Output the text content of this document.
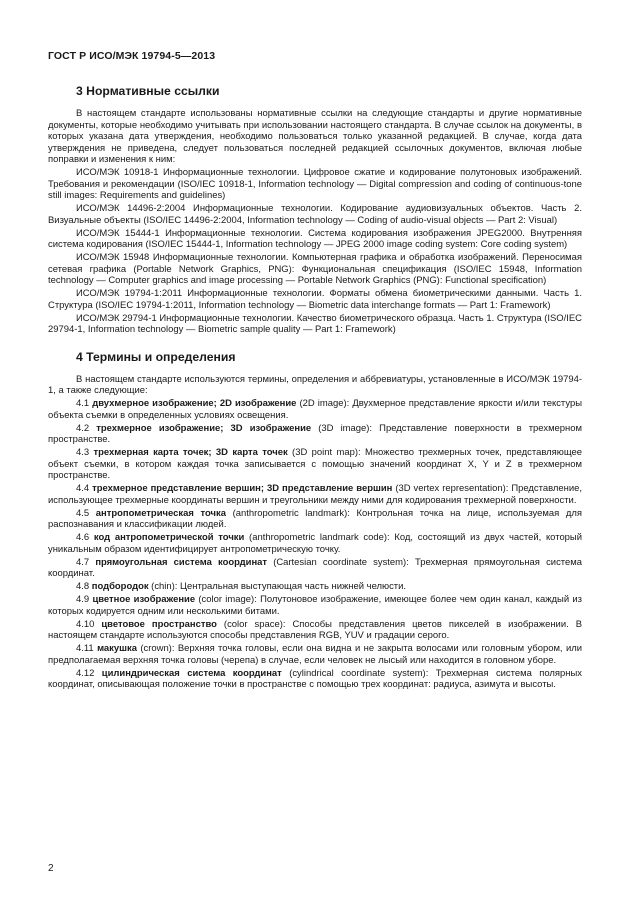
ГОСТ Р ИСО/МЭК 19794-5—2013
3 Нормативные ссылки

В настоящем стандарте использованы нормативные ссылки на следующие стандарты и другие нормативные документы, которые необходимо учитывать при использовании настоящего стандарта. В случае ссылок на документы, в которых указана дата утверждения, необходимо пользоваться только указанной редакцией. В случае, когда дата утверждения не приведена, следует пользоваться последней редакцией ссылочных документов, включая любые поправки и изменения к ним:

ИСО/МЭК 10918-1 Информационные технологии. Цифровое сжатие и кодирование полутоновых изображений. Требования и рекомендации (ISO/IEC 10918-1, Information technology — Digital compression and coding of continuous-tone still images: Requirements and guidelines)

ИСО/МЭК 14496-2:2004 Информационные технологии. Кодирование аудиовизуальных объектов. Часть 2. Визуальные объекты (ISO/IEC 14496-2:2004, Information technology — Coding of audio-visual objects — Part 2: Visual)

ИСО/МЭК 15444-1 Информационные технологии. Система кодирования изображения JPEG2000. Внутренняя система кодирования (ISO/IEC 15444-1, Information technology — JPEG 2000 image coding system: Core coding system)

ИСО/МЭК 15948 Информационные технологии. Компьютерная графика и обработка изображений. Переносимая сетевая графика (Portable Network Graphics, PNG): Функциональная спецификация (ISO/IEC 15948, Information technology — Computer graphics and image processing — Portable Network Graphics (PNG): Functional specification)

ИСО/МЭК 19794-1:2011 Информационные технологии. Форматы обмена биометрическими данными. Часть 1. Структура (ISO/IEC 19794-1:2011, Information technology — Biometric data interchange formats — Part 1: Framework)

ИСО/МЭК 29794-1 Информационные технологии. Качество биометрического образца. Часть 1. Структура (ISO/IEC 29794-1, Information technology — Biometric sample quality — Part 1: Framework)

4 Термины и определения

В настоящем стандарте используются термины, определения и аббревиатуры, установленные в ИСО/МЭК 19794-1, а также следующие:

4.1 двухмерное изображение; 2D изображение (2D image): Двухмерное представление яркости и/или текстуры объекта съемки в определенных условиях освещения.

4.2 трехмерное изображение; 3D изображение (3D image): Представление поверхности в трехмерном пространстве.

4.3 трехмерная карта точек; 3D карта точек (3D point map): Множество трехмерных точек, представляющее объект съемки, в котором каждая точка записывается с помощью значений координат X, Y и Z в трехмерном пространстве.

4.4 трехмерное представление вершин; 3D представление вершин (3D vertex representation): Представление, использующее трехмерные координаты вершин и треугольники между ними для кодирования трехмерной поверхности.

4.5 антропометрическая точка (anthropometric landmark): Контрольная точка на лице, используемая для распознавания и классификации людей.

4.6 код антропометрической точки (anthropometric landmark code): Код, состоящий из двух частей, который уникальным образом идентифицирует антропометрическую точку.

4.7 прямоугольная система координат (Cartesian coordinate system): Трехмерная прямоугольная система координат.

4.8 подбородок (chin): Центральная выступающая часть нижней челюсти.

4.9 цветное изображение (color image): Полутоновое изображение, имеющее более чем один канал, каждый из которых кодируется одним или несколькими битами.

4.10 цветовое пространство (color space): Способы представления цветов пикселей в изображении. В настоящем стандарте используются способы представления RGB, YUV и градации серого.

4.11 макушка (crown): Верхняя точка головы, если она видна и не закрыта волосами или головным убором, или предполагаемая верхняя точка головы (черепа) в случае, если человек не лысый или находится в головном уборе.

4.12 цилиндрическая система координат (cylindrical coordinate system): Трехмерная система полярных координат, описывающая положение точки в пространстве с помощью трех координат: радиуса, азимута и высоты.

2
